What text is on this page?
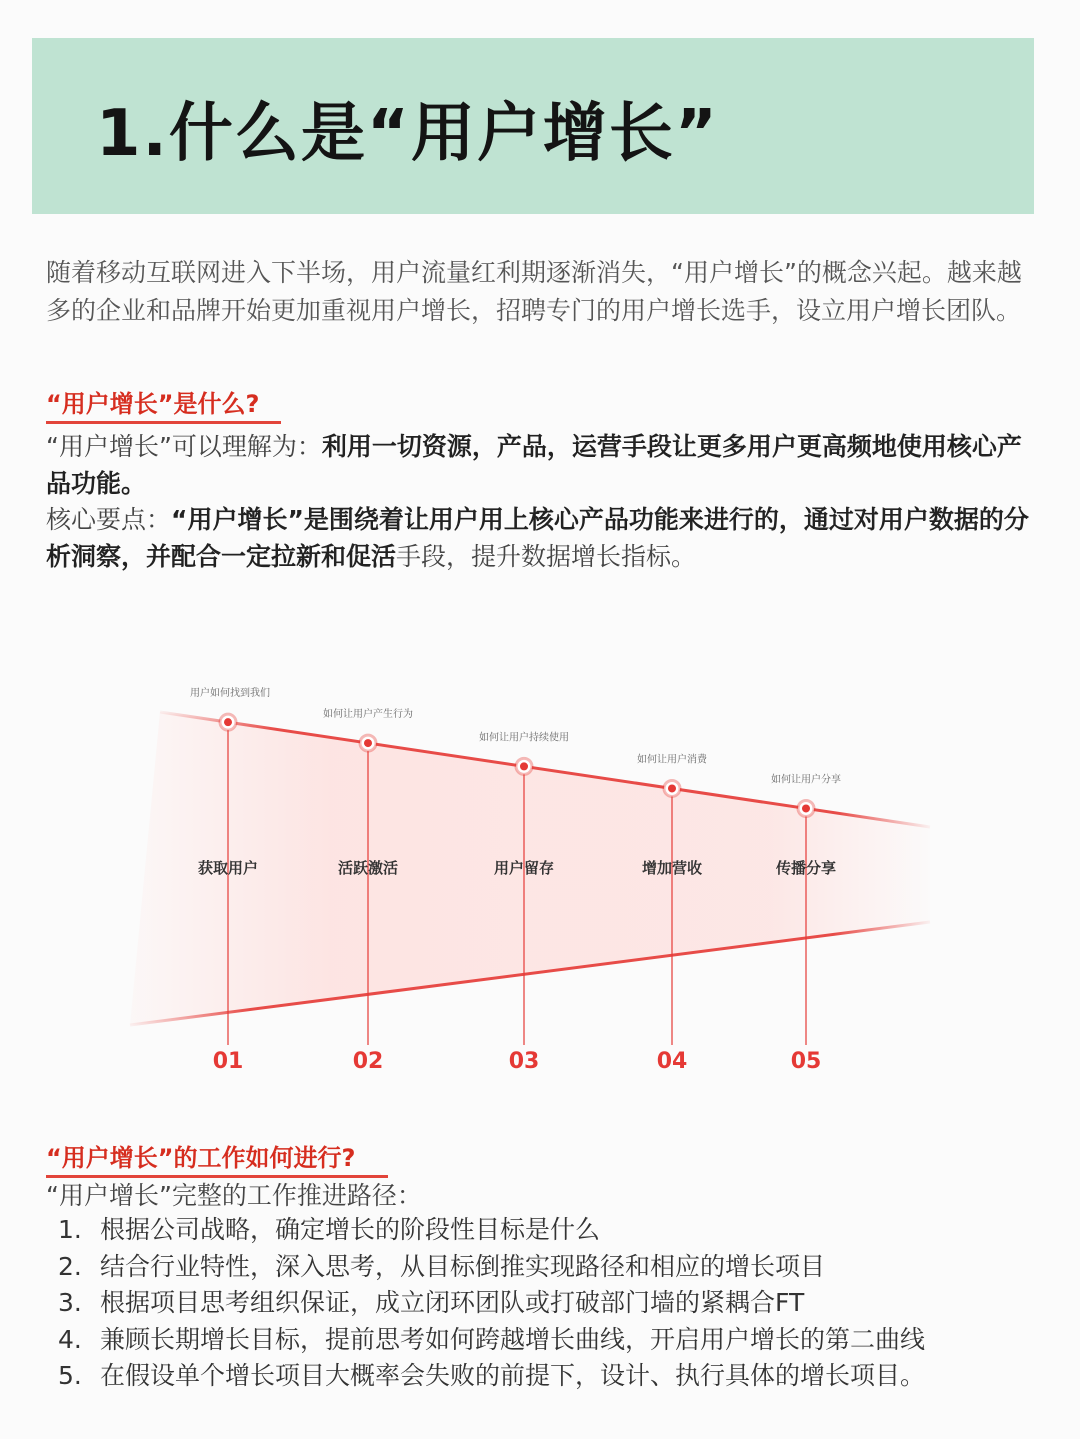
1.什么是“用户增长”
随着移动互联网进入下半场，用户流量红利期逐渐消失，“用户增长”的概念兴起。越来越多的企业和品牌开始更加重视用户增长，招聘专门的用户增长选手，设立用户增长团队。
“用户增长”是什么?
“用户增长”可以理解为：利用一切资源，产品，运营手段让更多用户更高频地使用核心产品功能。
核心要点：“用户增长”是围绕着让用户用上核心产品功能来进行的，通过对用户数据的分析洞察，并配合一定拉新和促活手段，提升数据增长指标。
用户如何找到我们
获取用户
01
如何让用户产生行为
活跃激活
02
如何让用户持续使用
用户留存
03
如何让用户消费
增加营收
04
如何让用户分享
传播分享
05
“用户增长”的工作如何进行?
“用户增长”完整的工作推进路径：
1. 根据公司战略，确定增长的阶段性目标是什么
2. 结合行业特性，深入思考，从目标倒推实现路径和相应的增长项目
3. 根据项目思考组织保证，成立闭环团队或打破部门墙的紧耦合FT
4. 兼顾长期增长目标，提前思考如何跨越增长曲线，开启用户增长的第二曲线
5. 在假设单个增长项目大概率会失败的前提下，设计、执行具体的增长项目。
